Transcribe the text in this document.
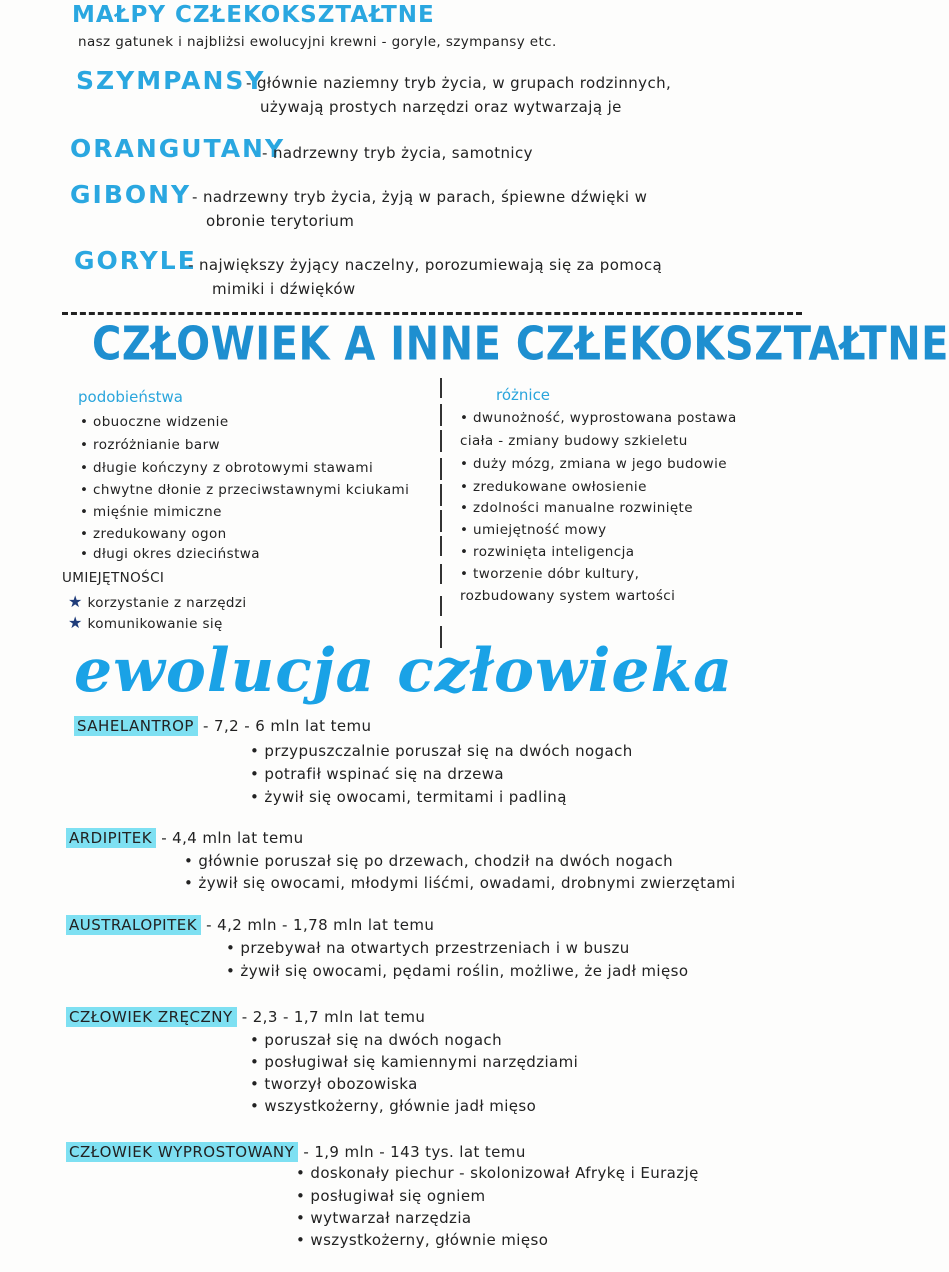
MAŁPY CZŁEKOKSZTAŁTNE
nasz gatunek i najbliżsi ewolucyjni krewni - goryle, szympansy etc.
SZYMPANSY
- głównie naziemny tryb życia, w grupach rodzinnych,
używają prostych narzędzi oraz wytwarzają je
ORANGUTANY
- nadrzewny tryb życia, samotnicy
GIBONY - nadrzewny tryb życia, żyją w parach, śpiewne dźwięki w
obronie terytorium
GORYLE
- największy żyjący naczelny, porozumiewają się za pomocą
mimiki i dźwięków
CZŁOWIEK A INNE CZŁEKOKSZTAŁTNE
podobieństwa	różnice
• obuoczne widzenie
• rozróżnianie barw
• długie kończyny z obrotowymi stawami
• chwytne dłonie z przeciwstawnymi kciukami
• mięśnie mimiczne
• zredukowany ogon
• długi okres dzieciństwa
UMIEJĘTNOŚCI
★ korzystanie z narzędzi
★ komunikowanie się
• dwunożność, wyprostowana postawa
ciała - zmiany budowy szkieletu
• duży mózg, zmiana w jego budowie
• zredukowane owłosienie
• zdolności manualne rozwinięte
• umiejętność mowy
• rozwinięta inteligencja
• tworzenie dóbr kultury,
rozbudowany system wartości
ewolucja człowieka
SAHELANTROP - 7,2 - 6 mln lat temu
• przypuszczalnie poruszał się na dwóch nogach
• potrafił wspinać się na drzewa
• żywił się owocami, termitami i padliną
ARDIPITEK - 4,4 mln lat temu
• głównie poruszał się po drzewach, chodził na dwóch nogach
• żywił się owocami, młodymi liśćmi, owadami, drobnymi zwierzętami
AUSTRALOPITEK - 4,2 mln - 1,78 mln lat temu
• przebywał na otwartych przestrzeniach i w buszu
• żywił się owocami, pędami roślin, możliwe, że jadł mięso
CZŁOWIEK ZRĘCZNY - 2,3 - 1,7 mln lat temu
• poruszał się na dwóch nogach
• posługiwał się kamiennymi narzędziami
• tworzył obozowiska
• wszystkożerny, głównie jadł mięso
CZŁOWIEK WYPROSTOWANY - 1,9 mln - 143 tys. lat temu
• doskonały piechur - skolonizował Afrykę i Eurazję
• posługiwał się ogniem
• wytwarzał narzędzia
• wszystkożerny, głównie mięso
